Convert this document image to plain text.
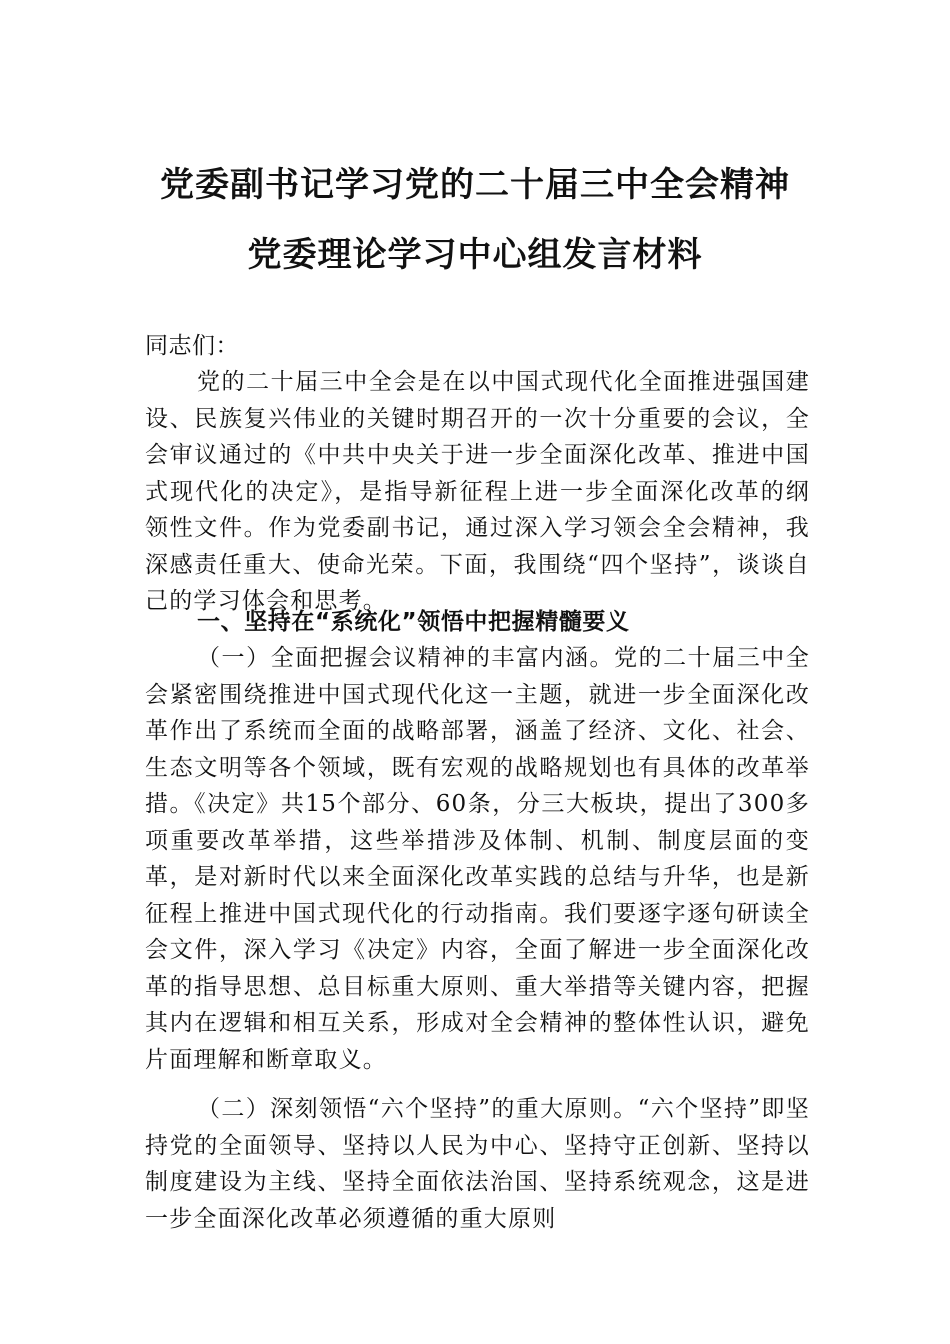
党委副书记学习党的二十届三中全会精神
党委理论学习中心组发言材料
同志们：
党的二十届三中全会是在以中国式现代化全面推进强国建设、民族复兴伟业的关键时期召开的一次十分重要的会议，全会审议通过的《中共中央关于进一步全面深化改革、推进中国式现代化的决定》，是指导新征程上进一步全面深化改革的纲领性文件。作为党委副书记，通过深入学习领会全会精神，我深感责任重大、使命光荣。下面，我围绕“四个坚持”，谈谈自己的学习体会和思考。
一、坚持在“系统化”领悟中把握精髓要义
（一）全面把握会议精神的丰富内涵。党的二十届三中全会紧密围绕推进中国式现代化这一主题，就进一步全面深化改革作出了系统而全面的战略部署，涵盖了经济、文化、社会、生态文明等各个领域，既有宏观的战略规划也有具体的改革举措。《决定》共15个部分、60条，分三大板块，提出了300多项重要改革举措，这些举措涉及体制、机制、制度层面的变革，是对新时代以来全面深化改革实践的总结与升华，也是新征程上推进中国式现代化的行动指南。我们要逐字逐句研读全会文件，深入学习《决定》内容，全面了解进一步全面深化改革的指导思想、总目标重大原则、重大举措等关键内容，把握其内在逻辑和相互关系，形成对全会精神的整体性认识，避免片面理解和断章取义。
（二）深刻领悟“六个坚持”的重大原则。“六个坚持”即坚持党的全面领导、坚持以人民为中心、坚持守正创新、坚持以制度建设为主线、坚持全面依法治国、坚持系统观念，这是进一步全面深化改革必须遵循的重大原则
